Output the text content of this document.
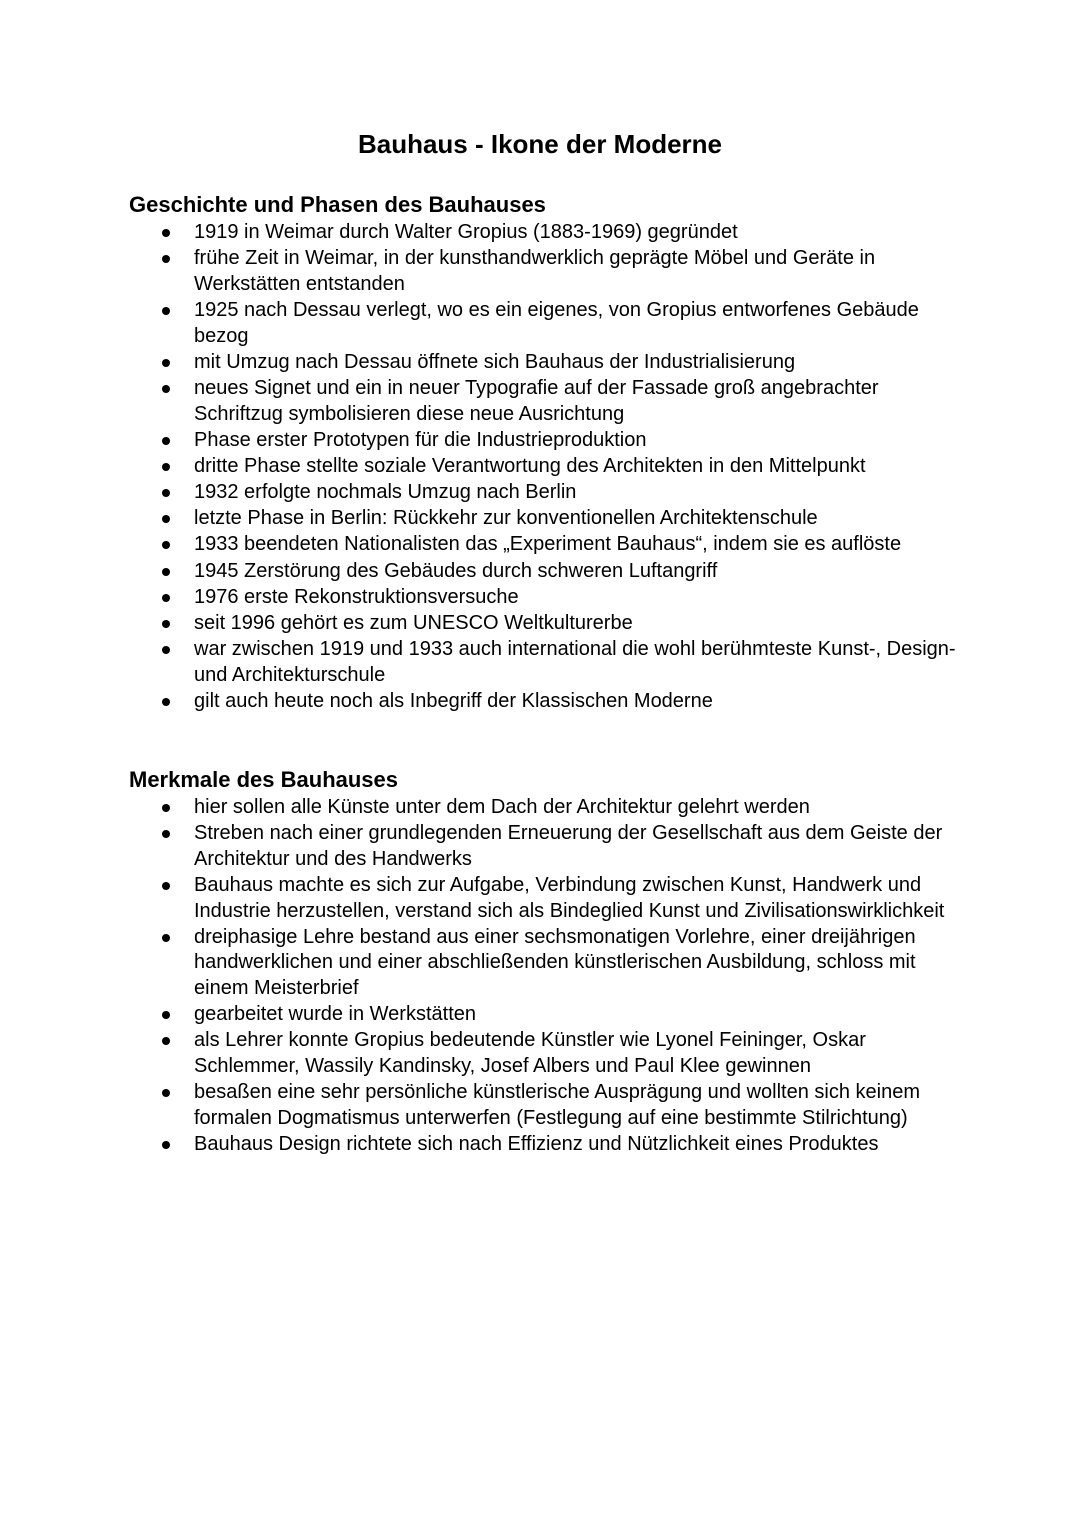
Bauhaus - Ikone der Moderne
Geschichte und Phasen des Bauhauses
1919 in Weimar durch Walter Gropius (1883-1969) gegründet
frühe Zeit in Weimar, in der kunsthandwerklich geprägte Möbel und Geräte in Werkstätten entstanden
1925 nach Dessau verlegt, wo es ein eigenes, von Gropius entworfenes Gebäude bezog
mit Umzug nach Dessau öffnete sich Bauhaus der Industrialisierung
neues Signet und ein in neuer Typografie auf der Fassade groß angebrachter Schriftzug symbolisieren diese neue Ausrichtung
Phase erster Prototypen für die Industrieproduktion
dritte Phase stellte soziale Verantwortung des Architekten in den Mittelpunkt
1932 erfolgte nochmals Umzug nach Berlin
letzte Phase in Berlin: Rückkehr zur konventionellen Architektenschule
1933 beendeten Nationalisten das „Experiment Bauhaus“, indem sie es auflöste
1945 Zerstörung des Gebäudes durch schweren Luftangriff
1976 erste Rekonstruktionsversuche
seit 1996 gehört es zum UNESCO Weltkulturerbe
war zwischen 1919 und 1933 auch international die wohl berühmteste Kunst-, Design- und Architekturschule
gilt auch heute noch als Inbegriff der Klassischen Moderne
Merkmale des Bauhauses
hier sollen alle Künste unter dem Dach der Architektur gelehrt werden
Streben nach einer grundlegenden Erneuerung der Gesellschaft aus dem Geiste der Architektur und des Handwerks
Bauhaus machte es sich zur Aufgabe, Verbindung zwischen Kunst, Handwerk und Industrie herzustellen, verstand sich als Bindeglied Kunst und Zivilisationswirklichkeit
dreiphasige Lehre bestand aus einer sechsmonatigen Vorlehre, einer dreijährigen handwerklichen und einer abschließenden künstlerischen Ausbildung, schloss mit einem Meisterbrief
gearbeitet wurde in Werkstätten
als Lehrer konnte Gropius bedeutende Künstler wie Lyonel Feininger, Oskar Schlemmer, Wassily Kandinsky, Josef Albers und Paul Klee gewinnen
besaßen eine sehr persönliche künstlerische Ausprägung und wollten sich keinem formalen Dogmatismus unterwerfen (Festlegung auf eine bestimmte Stilrichtung)
Bauhaus Design richtete sich nach Effizienz und Nützlichkeit eines Produktes
